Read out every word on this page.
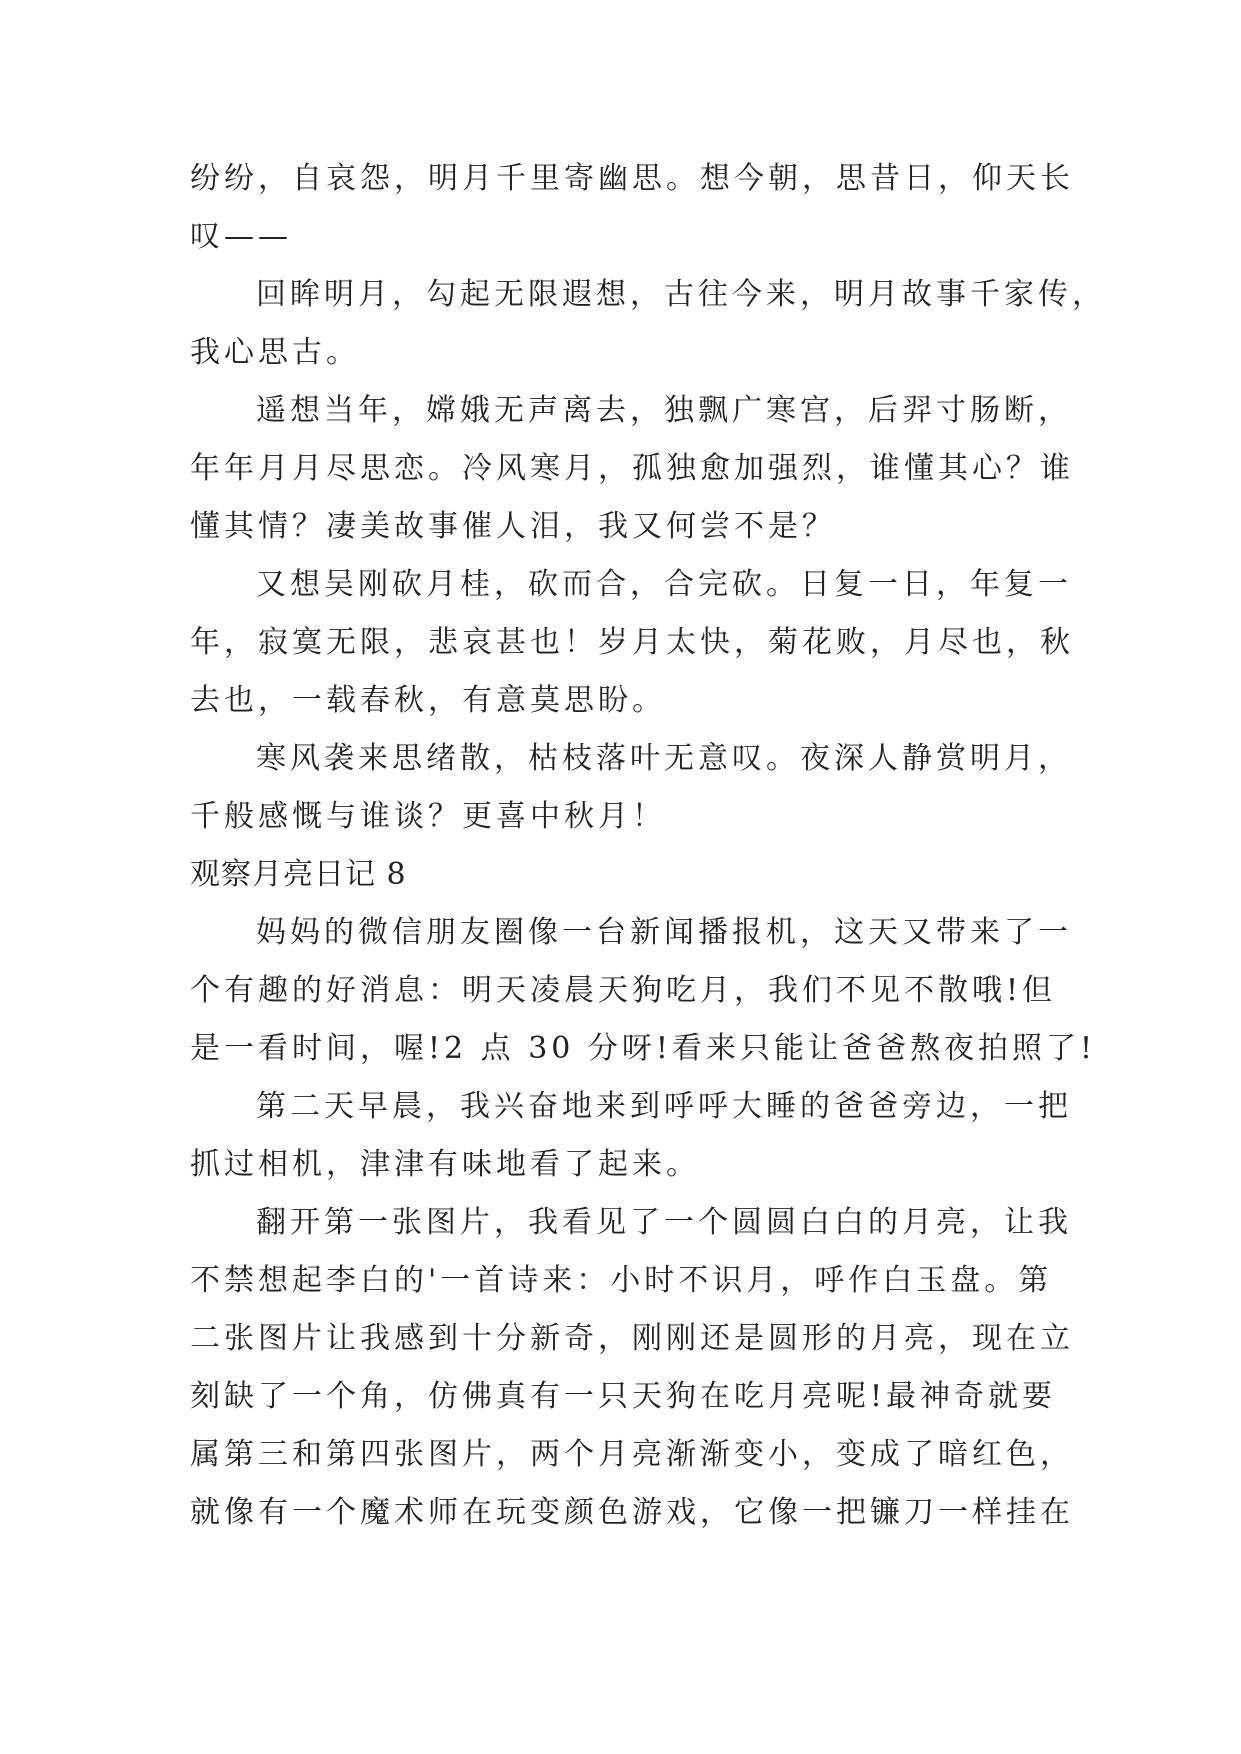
纷纷，自哀怨，明月千里寄幽思。想今朝，思昔日，仰天长
叹——
回眸明月，勾起无限遐想，古往今来，明月故事千家传，
我心思古。
遥想当年，嫦娥无声离去，独飘广寒宫，后羿寸肠断，
年年月月尽思恋。冷风寒月，孤独愈加强烈，谁懂其心？谁
懂其情？凄美故事催人泪，我又何尝不是？
又想吴刚砍月桂，砍而合，合完砍。日复一日，年复一
年，寂寞无限，悲哀甚也！岁月太快，菊花败，月尽也，秋
去也，一载春秋，有意莫思盼。
寒风袭来思绪散，枯枝落叶无意叹。夜深人静赏明月，
千般感慨与谁谈？更喜中秋月！
观察月亮日记 8
妈妈的微信朋友圈像一台新闻播报机，这天又带来了一
个有趣的好消息：明天凌晨天狗吃月，我们不见不散哦!但
是一看时间，喔!2 点 30 分呀!看来只能让爸爸熬夜拍照了!
第二天早晨，我兴奋地来到呼呼大睡的爸爸旁边，一把
抓过相机，津津有味地看了起来。
翻开第一张图片，我看见了一个圆圆白白的月亮，让我
不禁想起李白的'一首诗来：小时不识月，呼作白玉盘。第
二张图片让我感到十分新奇，刚刚还是圆形的月亮，现在立
刻缺了一个角，仿佛真有一只天狗在吃月亮呢!最神奇就要
属第三和第四张图片，两个月亮渐渐变小，变成了暗红色，
就像有一个魔术师在玩变颜色游戏，它像一把镰刀一样挂在
